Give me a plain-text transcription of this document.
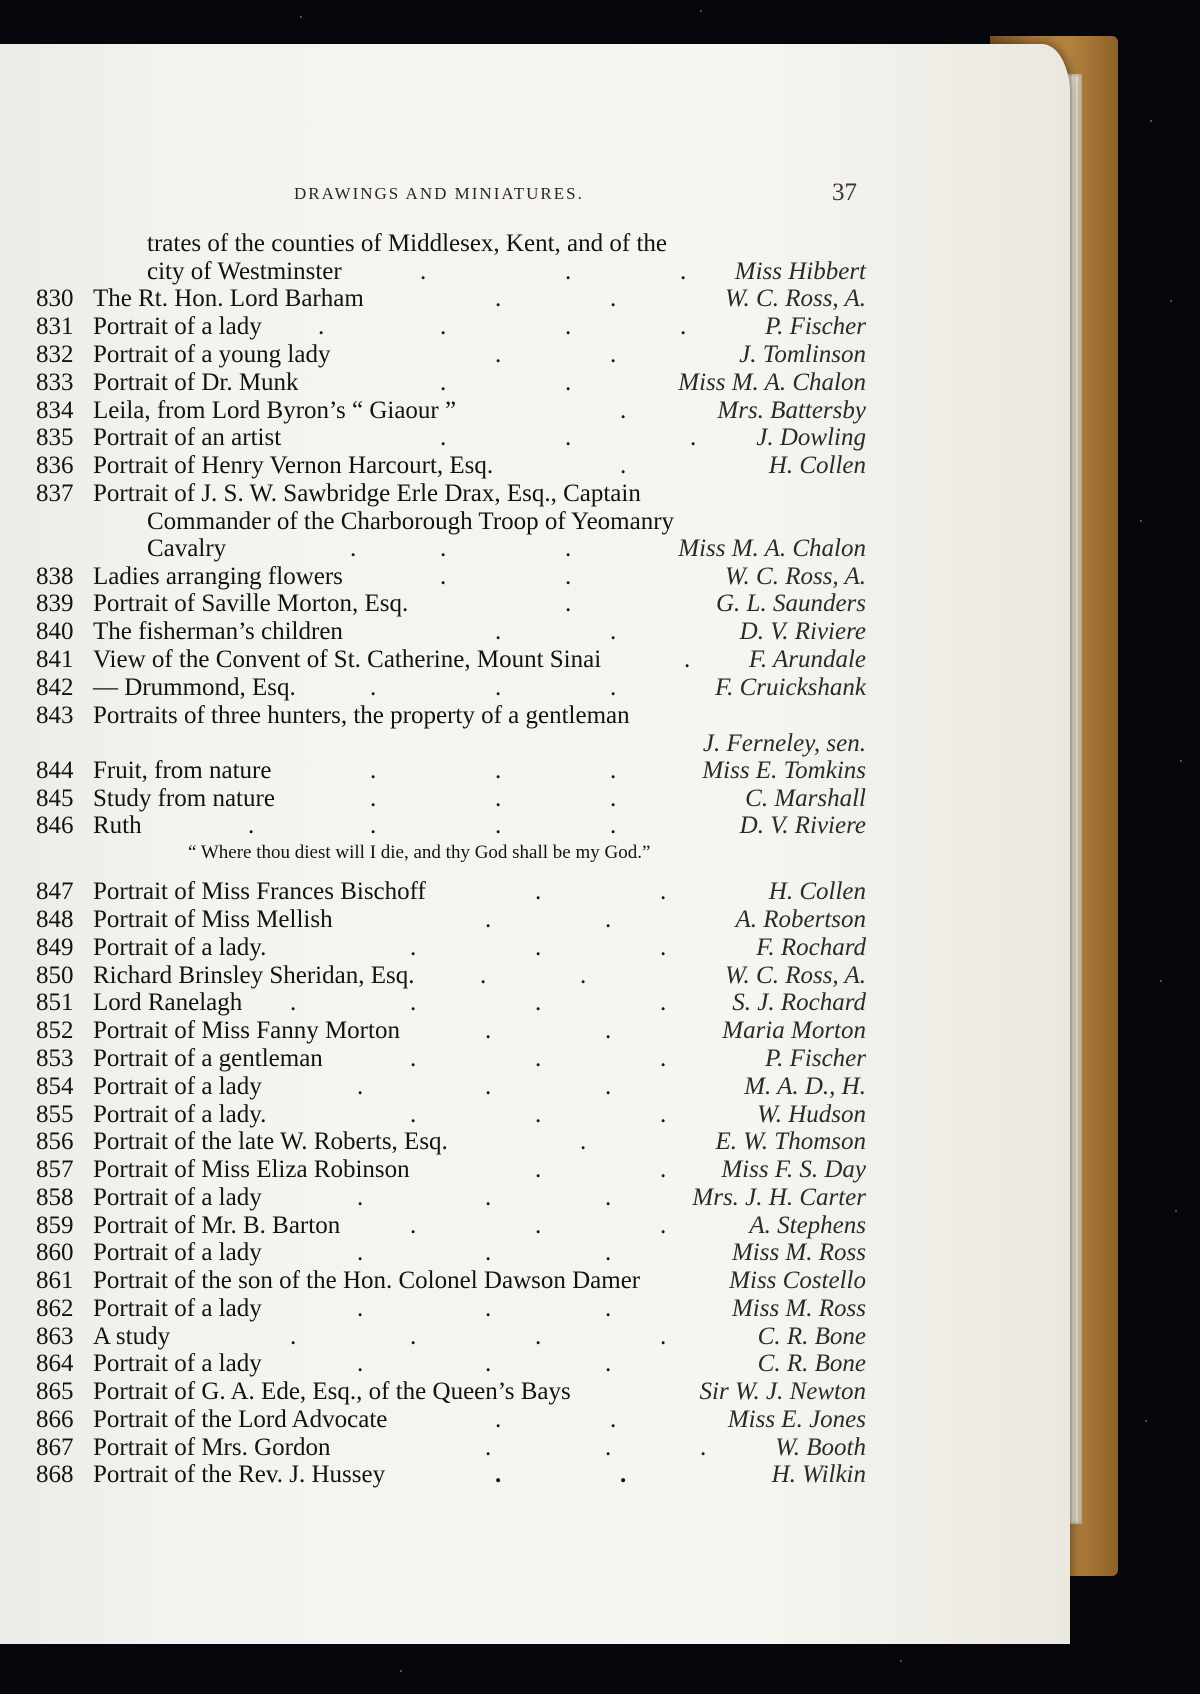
DRAWINGS AND MINIATURES.	37
trates of the counties of Middlesex, Kent, and of the
city of Westminster	.	.	. Miss Hibbert
830 The Rt. Hon. Lord Barham	.	.	W. C. Ross, A.
831 Portrait of a lady .	.	.	.	P. Fischer
832 Portrait of a young lady	.	.	J. Tomlinson
833 Portrait of Dr. Munk	.	.	Miss M. A. Chalon
834 Leila, from Lord Byron’s “ Giaour ”	.	Mrs. Battersby
835 Portrait of an artist	.	.	. J. Dowling
836 Portrait of Henry Vernon Harcourt, Esq.	.	H. Collen
837 Portrait of J. S. W. Sawbridge Erle Drax, Esq., Captain
Commander of the Charborough Troop of Yeomanry
Cavalry	.	.	.	Miss M. A. Chalon
838 Ladies arranging flowers	.	.	W. C. Ross, A.
839 Portrait of Saville Morton, Esq.	.	G. L. Saunders
840 The fisherman’s children	.	.	D. V. Riviere
841 View of the Convent of St. Catherine, Mount Sinai	. F. Arundale
842 — Drummond, Esq.	.	.	.	F. Cruickshank
843 Portraits of three hunters, the property of a gentleman
J. Ferneley, sen.
844 Fruit, from nature	.	.	.	Miss E. Tomkins
845 Study from nature	.	.	.	C. Marshall
846 Ruth	.	.	.	.	D. V. Riviere
“ Where thou diest will I die, and thy God shall be my God.”
847 Portrait of Miss Frances Bischoff	.	.	H. Collen
848 Portrait of Miss Mellish	.	.	A. Robertson
849 Portrait of a lady.	.	.	.	F. Rochard
850 Richard Brinsley Sheridan, Esq.	.	.	W. C. Ross, A.
851 Lord Ranelagh .	.	.	.	S. J. Rochard
852 Portrait of Miss Fanny Morton	.	.	Maria Morton
853 Portrait of a gentleman	.	.	.	P. Fischer
854 Portrait of a lady	.	.	.	M. A. D., H.
855 Portrait of a lady.	.	.	.	W. Hudson
856 Portrait of the late W. Roberts, Esq.	.	E. W. Thomson
857 Portrait of Miss Eliza Robinson	.	. Miss F. S. Day
858 Portrait of a lady	.	.	.	Mrs. J. H. Carter
859 Portrait of Mr. B. Barton	.	.	.	A. Stephens
860 Portrait of a lady	.	.	.	Miss M. Ross
861 Portrait of the son of the Hon. Colonel Dawson Damer	Miss Costello
862 Portrait of a lady	.	.	.	Miss M. Ross
863 A study	.	.	.	.	C. R. Bone
864 Portrait of a lady	.	.	.	C. R. Bone
865 Portrait of G. A. Ede, Esq., of the Queen’s Bays	Sir W. J. Newton
866 Portrait of the Lord Advocate	.	.	Miss E. Jones
867 Portrait of Mrs. Gordon	.	.	.	W. Booth
868 Portrait of the Rev. J. Hussey	.	.	H. Wilkin
